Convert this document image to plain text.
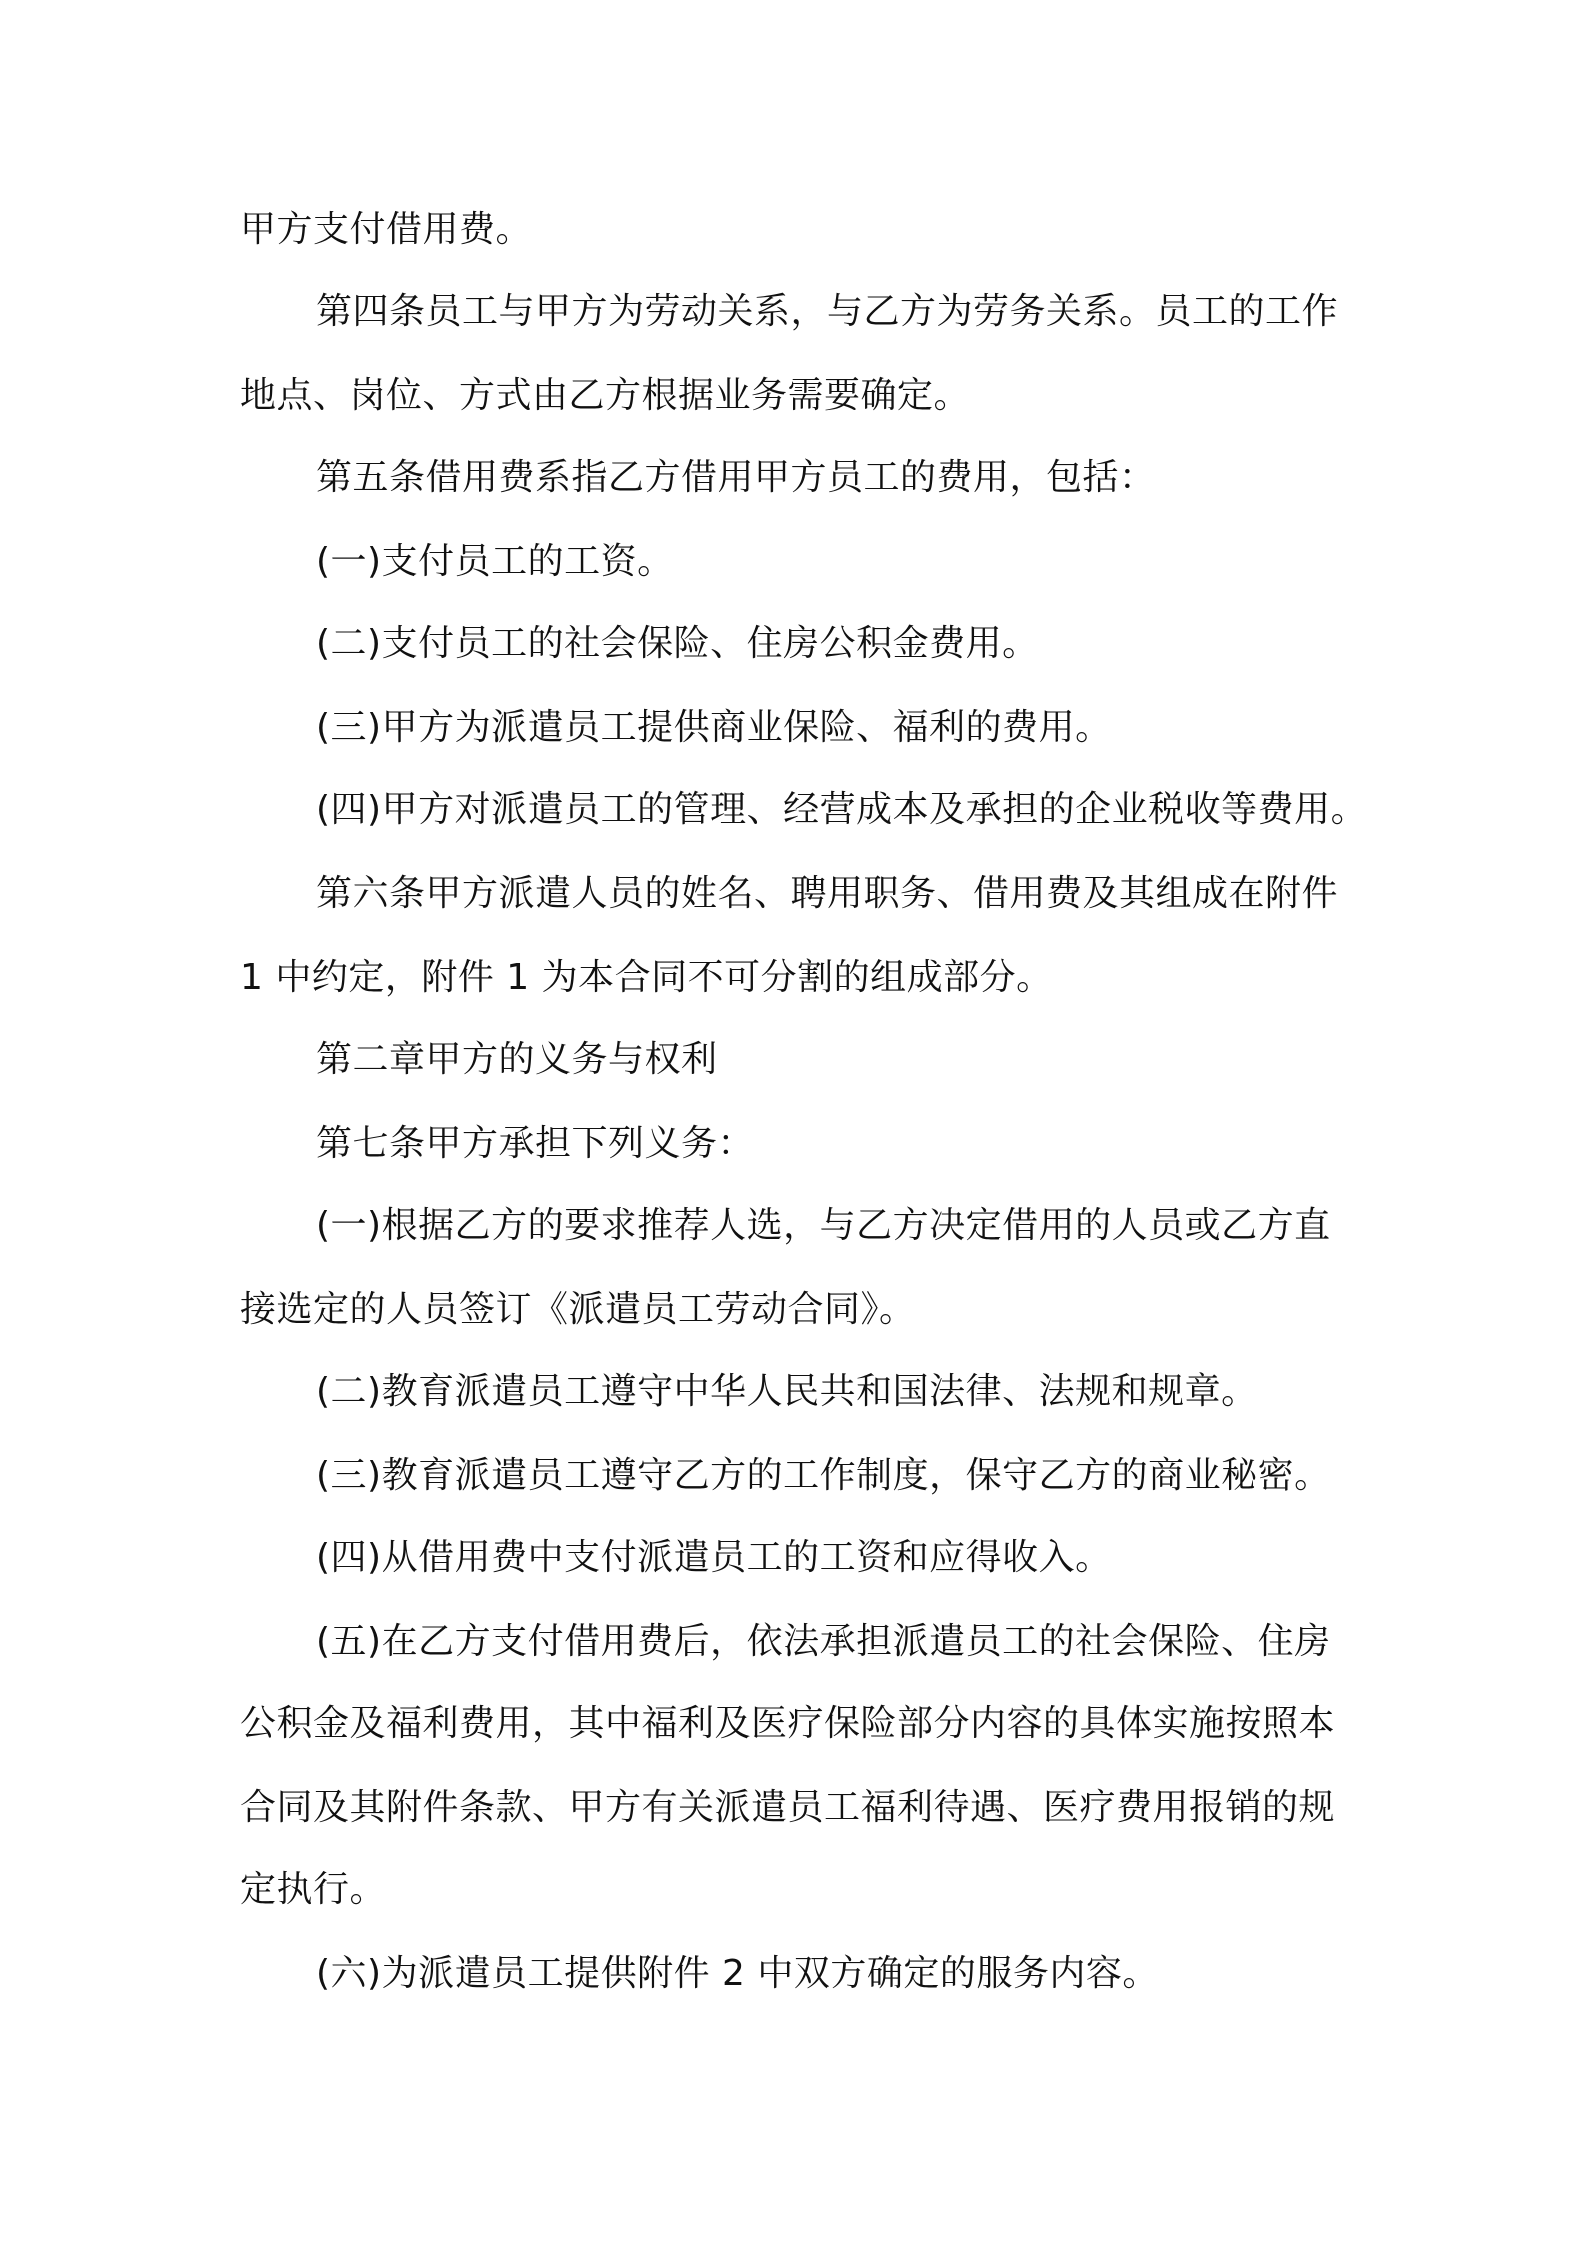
甲方支付借用费。
第四条员工与甲方为劳动关系，与乙方为劳务关系。员工的工作
地点、岗位、方式由乙方根据业务需要确定。
第五条借用费系指乙方借用甲方员工的费用，包括：
(一)支付员工的工资。
(二)支付员工的社会保险、住房公积金费用。
(三)甲方为派遣员工提供商业保险、福利的费用。
(四)甲方对派遣员工的管理、经营成本及承担的企业税收等费用。
第六条甲方派遣人员的姓名、聘用职务、借用费及其组成在附件
1 中约定，附件 1 为本合同不可分割的组成部分。
第二章甲方的义务与权利
第七条甲方承担下列义务：
(一)根据乙方的要求推荐人选，与乙方决定借用的人员或乙方直
接选定的人员签订《派遣员工劳动合同》。
(二)教育派遣员工遵守中华人民共和国法律、法规和规章。
(三)教育派遣员工遵守乙方的工作制度，保守乙方的商业秘密。
(四)从借用费中支付派遣员工的工资和应得收入。
(五)在乙方支付借用费后，依法承担派遣员工的社会保险、住房
公积金及福利费用，其中福利及医疗保险部分内容的具体实施按照本
合同及其附件条款、甲方有关派遣员工福利待遇、医疗费用报销的规
定执行。
(六)为派遣员工提供附件 2 中双方确定的服务内容。
